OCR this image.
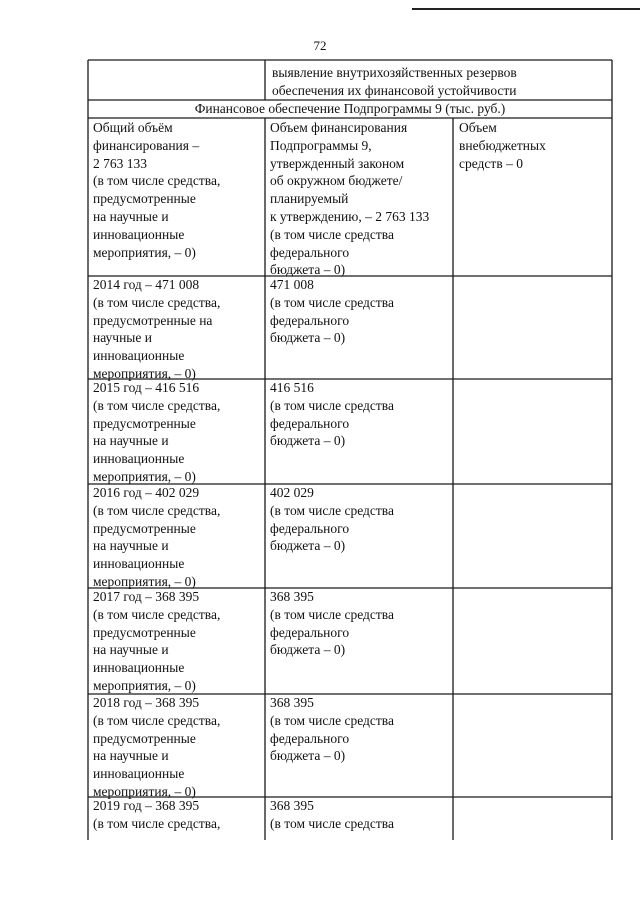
72
выявление внутрихозяйственных резервов
обеспечения их финансовой устойчивости
Финансовое обеспечение Подпрограммы 9 (тыс. руб.)
Общий объём
финансирования –
2 763 133
(в том числе средства,
предусмотренные
на научные и
инновационные
мероприятия, – 0)
Объем финансирования
Подпрограммы 9,
утвержденный законом
об окружном бюджете/
планируемый
к утверждению, – 2 763 133
(в том числе средства
федерального
бюджета – 0)
Объем
внебюджетных
средств – 0
2014 год – 471 008
(в том числе средства,
предусмотренные на
научные и
инновационные
мероприятия, – 0)
471 008
(в том числе средства
федерального
бюджета – 0)
2015 год – 416 516
(в том числе средства,
предусмотренные
на научные и
инновационные
мероприятия, – 0)
416 516
(в том числе средства
федерального
бюджета – 0)
2016 год – 402 029
(в том числе средства,
предусмотренные
на научные и
инновационные
мероприятия, – 0)
402 029
(в том числе средства
федерального
бюджета – 0)
2017 год – 368 395
(в том числе средства,
предусмотренные
на научные и
инновационные
мероприятия, – 0)
368 395
(в том числе средства
федерального
бюджета – 0)
2018 год – 368 395
(в том числе средства,
предусмотренные
на научные и
инновационные
мероприятия, – 0)
368 395
(в том числе средства
федерального
бюджета – 0)
2019 год – 368 395
(в том числе средства,
368 395
(в том числе средства
